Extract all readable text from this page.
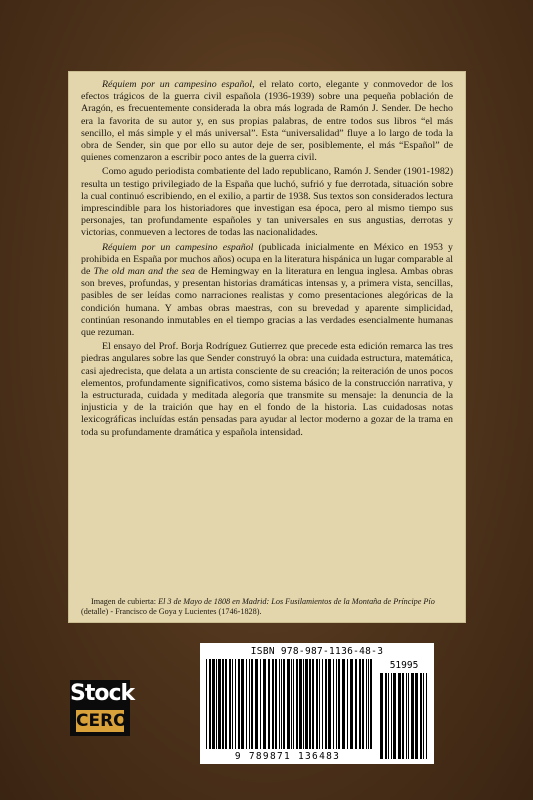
Réquiem por un campesino español, el relato corto, elegante y conmovedor de los efectos trágicos de la guerra civil española (1936-1939) sobre una pequeña población de Aragón, es frecuentemente considerada la obra más lograda de Ramón J. Sender. De hecho era la favorita de su autor y, en sus propias palabras, de entre todos sus libros “el más sencillo, el más simple y el más universal”. Esta “universalidad” fluye a lo largo de toda la obra de Sender, sin que por ello su autor deje de ser, posiblemente, el más “Español” de quienes comenzaron a escribir poco antes de la guerra civil.

Como agudo periodista combatiente del lado republicano, Ramón J. Sender (1901-1982) resulta un testigo privilegiado de la España que luchó, sufrió y fue derrotada, situación sobre la cual continuó escribiendo, en el exilio, a partir de 1938. Sus textos son considerados lectura imprescindible para los historiadores que investigan esa época, pero al mismo tiempo sus personajes, tan profundamente españoles y tan universales en sus angustias, derrotas y victorias, conmueven a lectores de todas las nacionalidades.

Réquiem por un campesino español (publicada inicialmente en México en 1953 y prohibida en España por muchos años) ocupa en la literatura hispánica un lugar comparable al de The old man and the sea de Hemingway en la literatura en lengua inglesa. Ambas obras son breves, profundas, y presentan historias dramáticas intensas y, a primera vista, sencillas, pasibles de ser leídas como narraciones realistas y como presentaciones alegóricas de la condición humana. Y ambas obras maestras, con su brevedad y aparente simplicidad, continúan resonando inmutables en el tiempo gracias a las verdades esencialmente humanas que rezuman.

El ensayo del Prof. Borja Rodríguez Gutierrez que precede esta edición remarca las tres piedras angulares sobre las que Sender construyó la obra: una cuidada estructura, matemática, casi ajedrecista, que delata a un artista consciente de su creación; la reiteración de unos pocos elementos, profundamente significativos, como sistema básico de la construcción narrativa, y la estructurada, cuidada y meditada alegoría que transmite su mensaje: la denuncia de la injusticia y de la traición que hay en el fondo de la historia. Las cuidadosas notas lexicográficas incluídas están pensadas para ayudar al lector moderno a gozar de la trama en toda su profundamente dramática y española intensidad.

Imagen de cubierta: El 3 de Mayo de 1808 en Madrid: Los Fusilamientos de la Montaña de Príncipe Pío (detalle) - Francisco de Goya y Lucientes (1746-1828).
Stock
CERO
ISBN 978-987-1136-48-3
51995
9 789871 136483
